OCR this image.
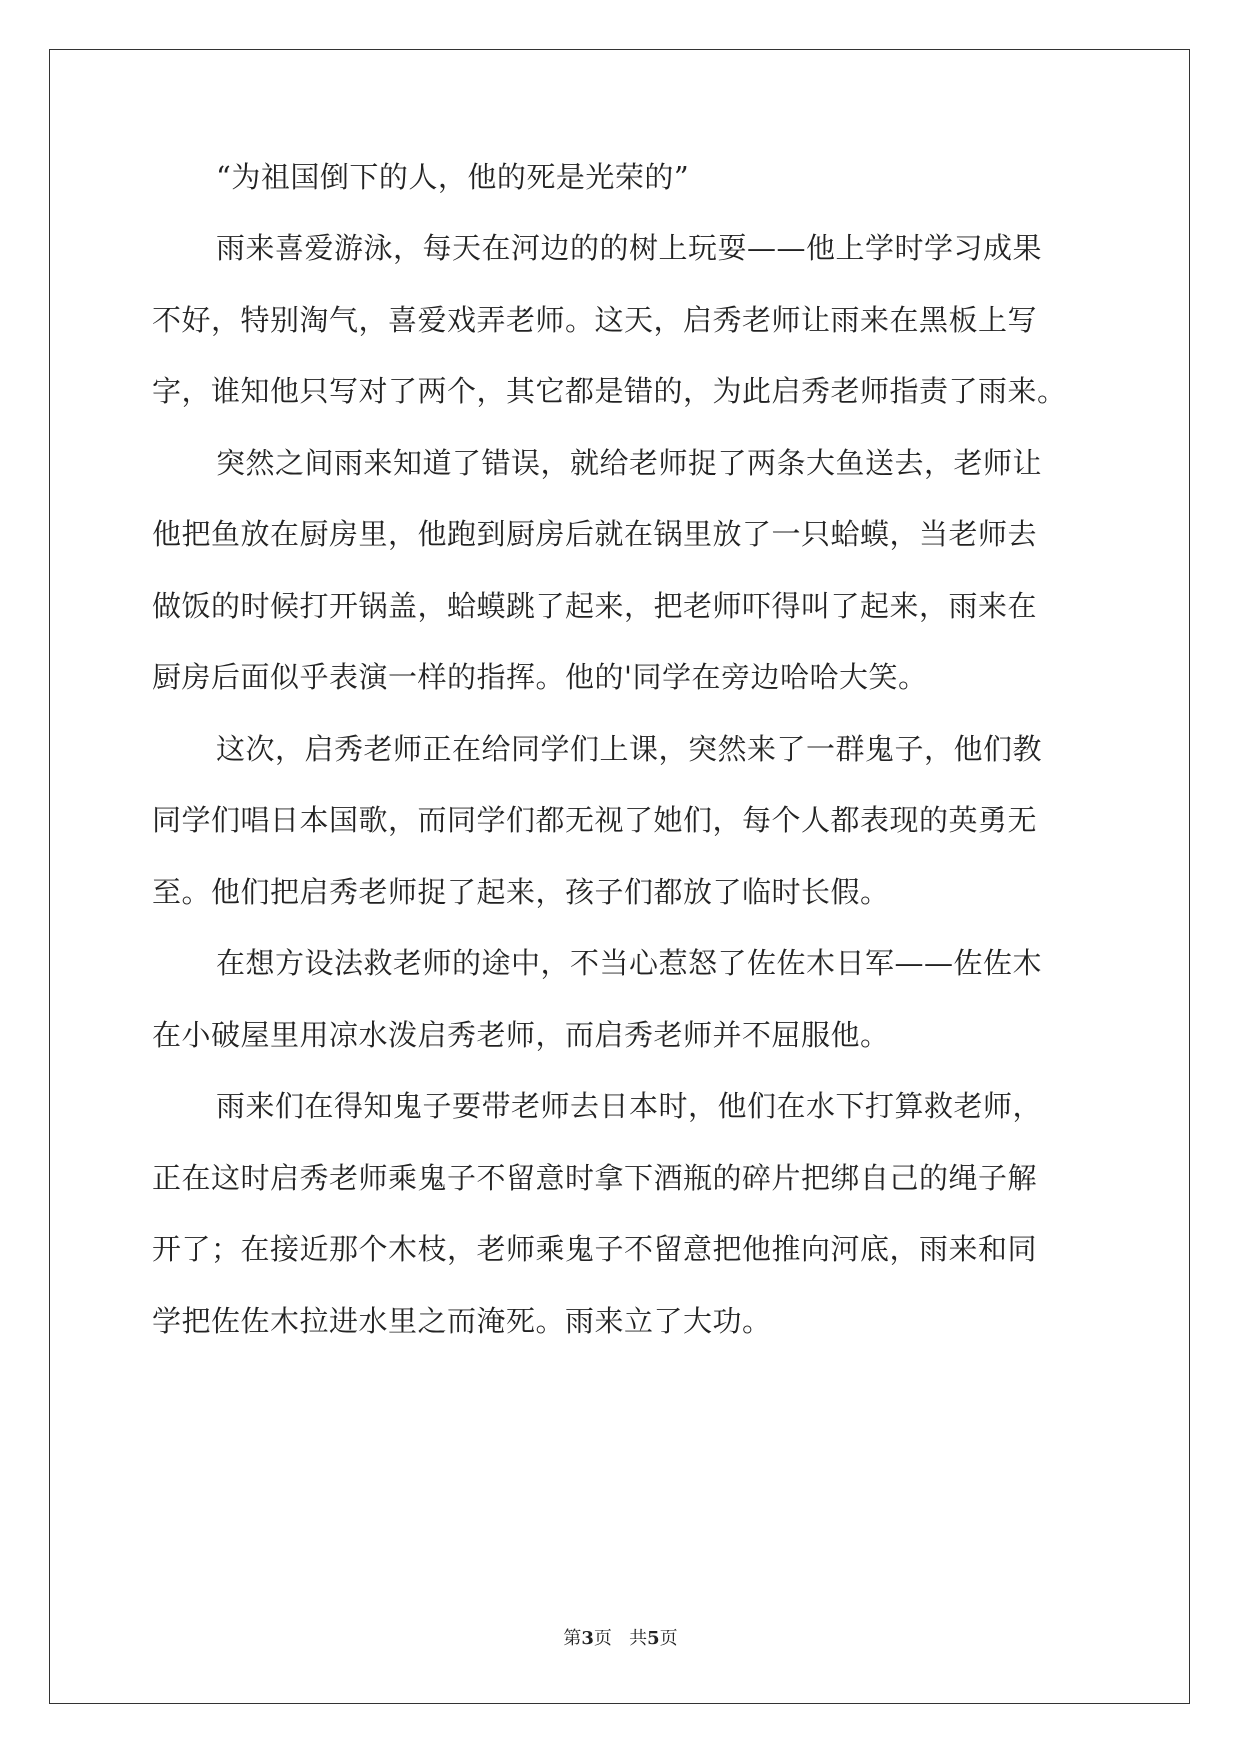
“为祖国倒下的人，他的死是光荣的”
雨来喜爱游泳，每天在河边的的树上玩耍——他上学时学习成果
不好，特别淘气，喜爱戏弄老师。这天，启秀老师让雨来在黑板上写
字，谁知他只写对了两个，其它都是错的，为此启秀老师指责了雨来。
突然之间雨来知道了错误，就给老师捉了两条大鱼送去，老师让
他把鱼放在厨房里，他跑到厨房后就在锅里放了一只蛤蟆，当老师去
做饭的时候打开锅盖，蛤蟆跳了起来，把老师吓得叫了起来，雨来在
厨房后面似乎表演一样的指挥。他的'同学在旁边哈哈大笑。
这次，启秀老师正在给同学们上课，突然来了一群鬼子，他们教
同学们唱日本国歌，而同学们都无视了她们，每个人都表现的英勇无
至。他们把启秀老师捉了起来，孩子们都放了临时长假。
在想方设法救老师的途中，不当心惹怒了佐佐木日军——佐佐木
在小破屋里用凉水泼启秀老师，而启秀老师并不屈服他。
雨来们在得知鬼子要带老师去日本时，他们在水下打算救老师，
正在这时启秀老师乘鬼子不留意时拿下酒瓶的碎片把绑自己的绳子解
开了；在接近那个木枝，老师乘鬼子不留意把他推向河底，雨来和同
学把佐佐木拉进水里之而淹死。雨来立了大功。
第3页   共5页
